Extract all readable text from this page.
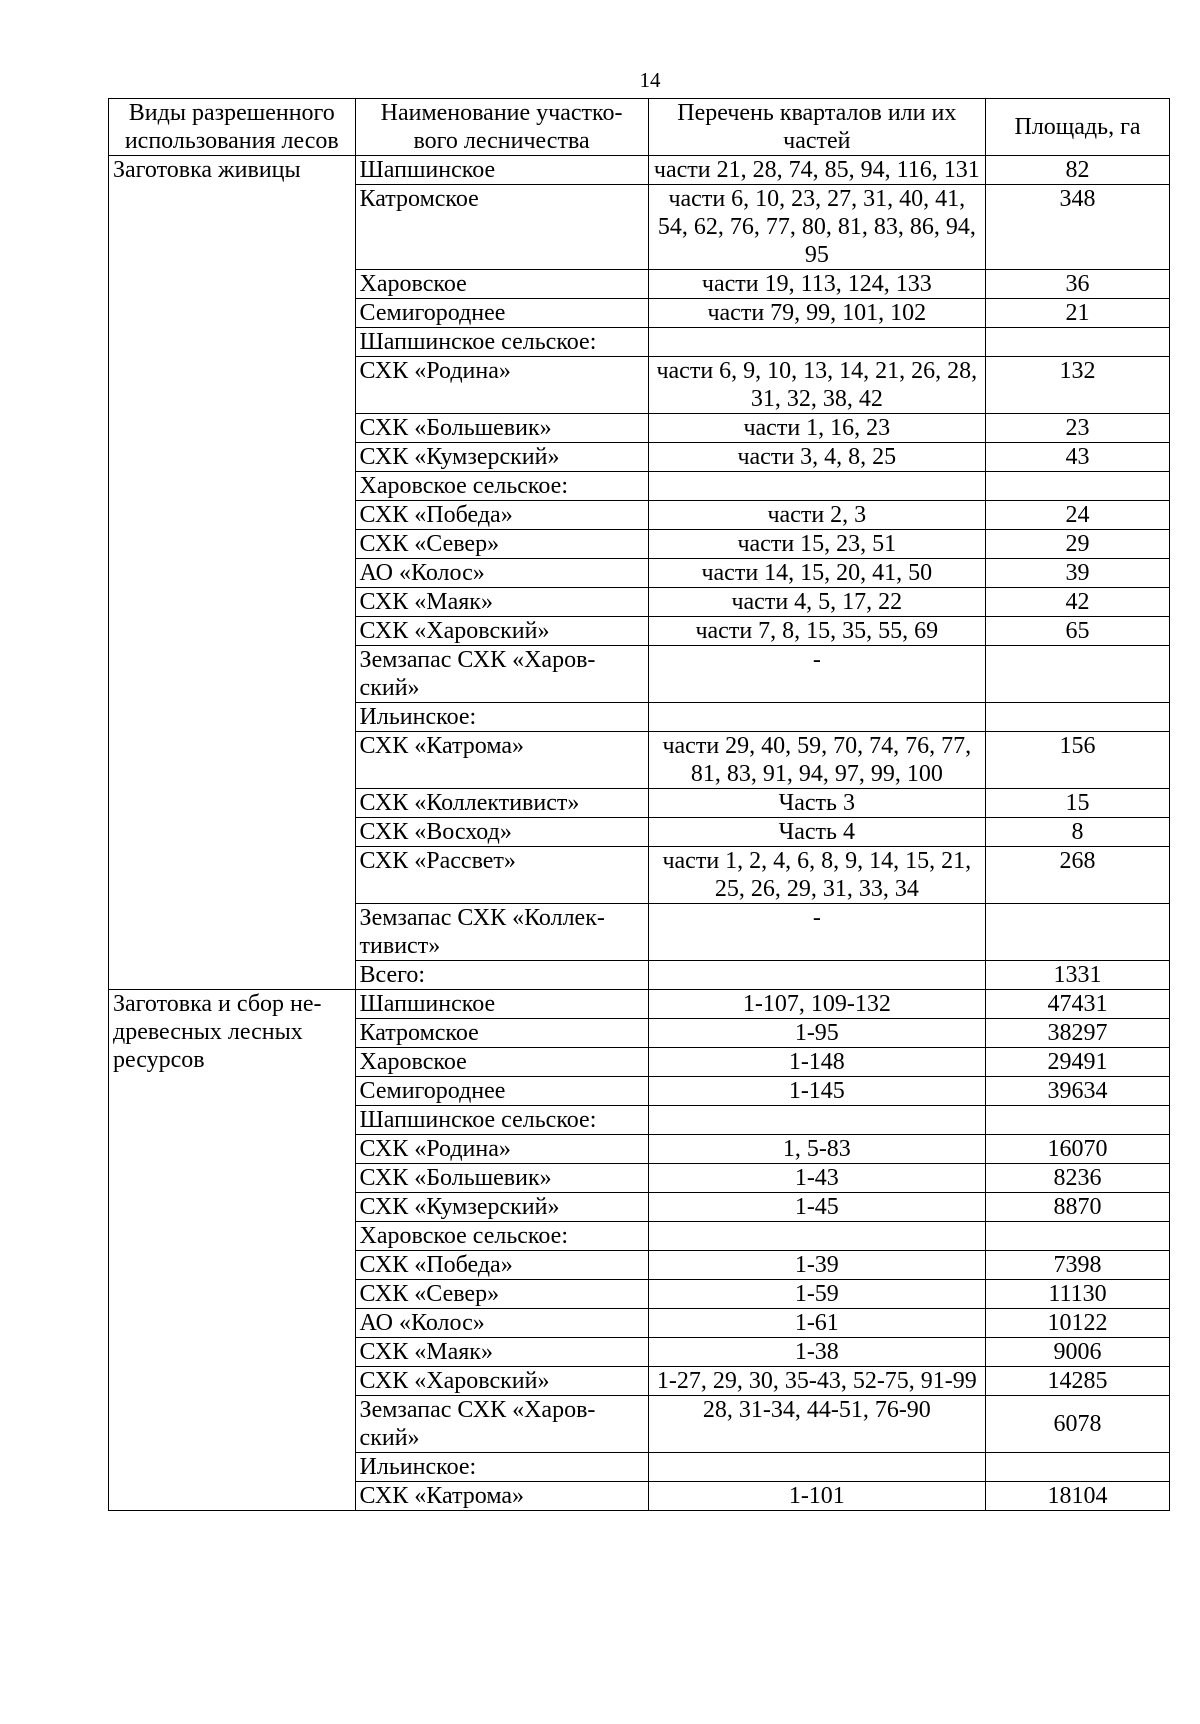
14
Виды разрешенного использования лесов	Наименование участко-вого лесничества	Перечень кварталов или их частей	Площадь, га
Заготовка живицы	Шапшинское	части 21, 28, 74, 85, 94, 116, 131	82
	Катромское	части 6, 10, 23, 27, 31, 40, 41, 54, 62, 76, 77, 80, 81, 83, 86, 94, 95	348
	Харовское	части 19, 113, 124, 133	36
	Семигороднее	части 79, 99, 101, 102	21
	Шапшинское сельское:		
	СХК «Родина»	части 6, 9, 10, 13, 14, 21, 26, 28, 31, 32, 38, 42	132
	СХК «Большевик»	части 1, 16, 23	23
	СХК «Кумзерский»	части 3, 4, 8, 25	43
	Харовское сельское:		
	СХК «Победа»	части 2, 3	24
	СХК «Север»	части 15, 23, 51	29
	АО «Колос»	части 14, 15, 20, 41, 50	39
	СХК «Маяк»	части 4, 5, 17, 22	42
	СХК «Харовский»	части 7, 8, 15, 35, 55, 69	65
	Земзапас СХК «Харов-ский»	-	
	Ильинское:		
	СХК «Катрома»	части 29, 40, 59, 70, 74, 76, 77, 81, 83, 91, 94, 97, 99, 100	156
	СХК «Коллективист»	Часть 3	15
	СХК «Восход»	Часть 4	8
	СХК «Рассвет»	части 1, 2, 4, 6, 8, 9, 14, 15, 21, 25, 26, 29, 31, 33, 34	268
	Земзапас СХК «Коллек-тивист»	-	
	Всего:		1331
Заготовка и сбор не-древесных лесных ресурсов	Шапшинское	1-107, 109-132	47431
	Катромское	1-95	38297
	Харовское	1-148	29491
	Семигороднее	1-145	39634
	Шапшинское сельское:		
	СХК «Родина»	1, 5-83	16070
	СХК «Большевик»	1-43	8236
	СХК «Кумзерский»	1-45	8870
	Харовское сельское:		
	СХК «Победа»	1-39	7398
	СХК «Север»	1-59	11130
	АО «Колос»	1-61	10122
	СХК «Маяк»	1-38	9006
	СХК «Харовский»	1-27, 29, 30, 35-43, 52-75, 91-99	14285
	Земзапас СХК «Харов-ский»	28, 31-34, 44-51, 76-90	6078
	Ильинское:		
	СХК «Катрома»	1-101	18104
